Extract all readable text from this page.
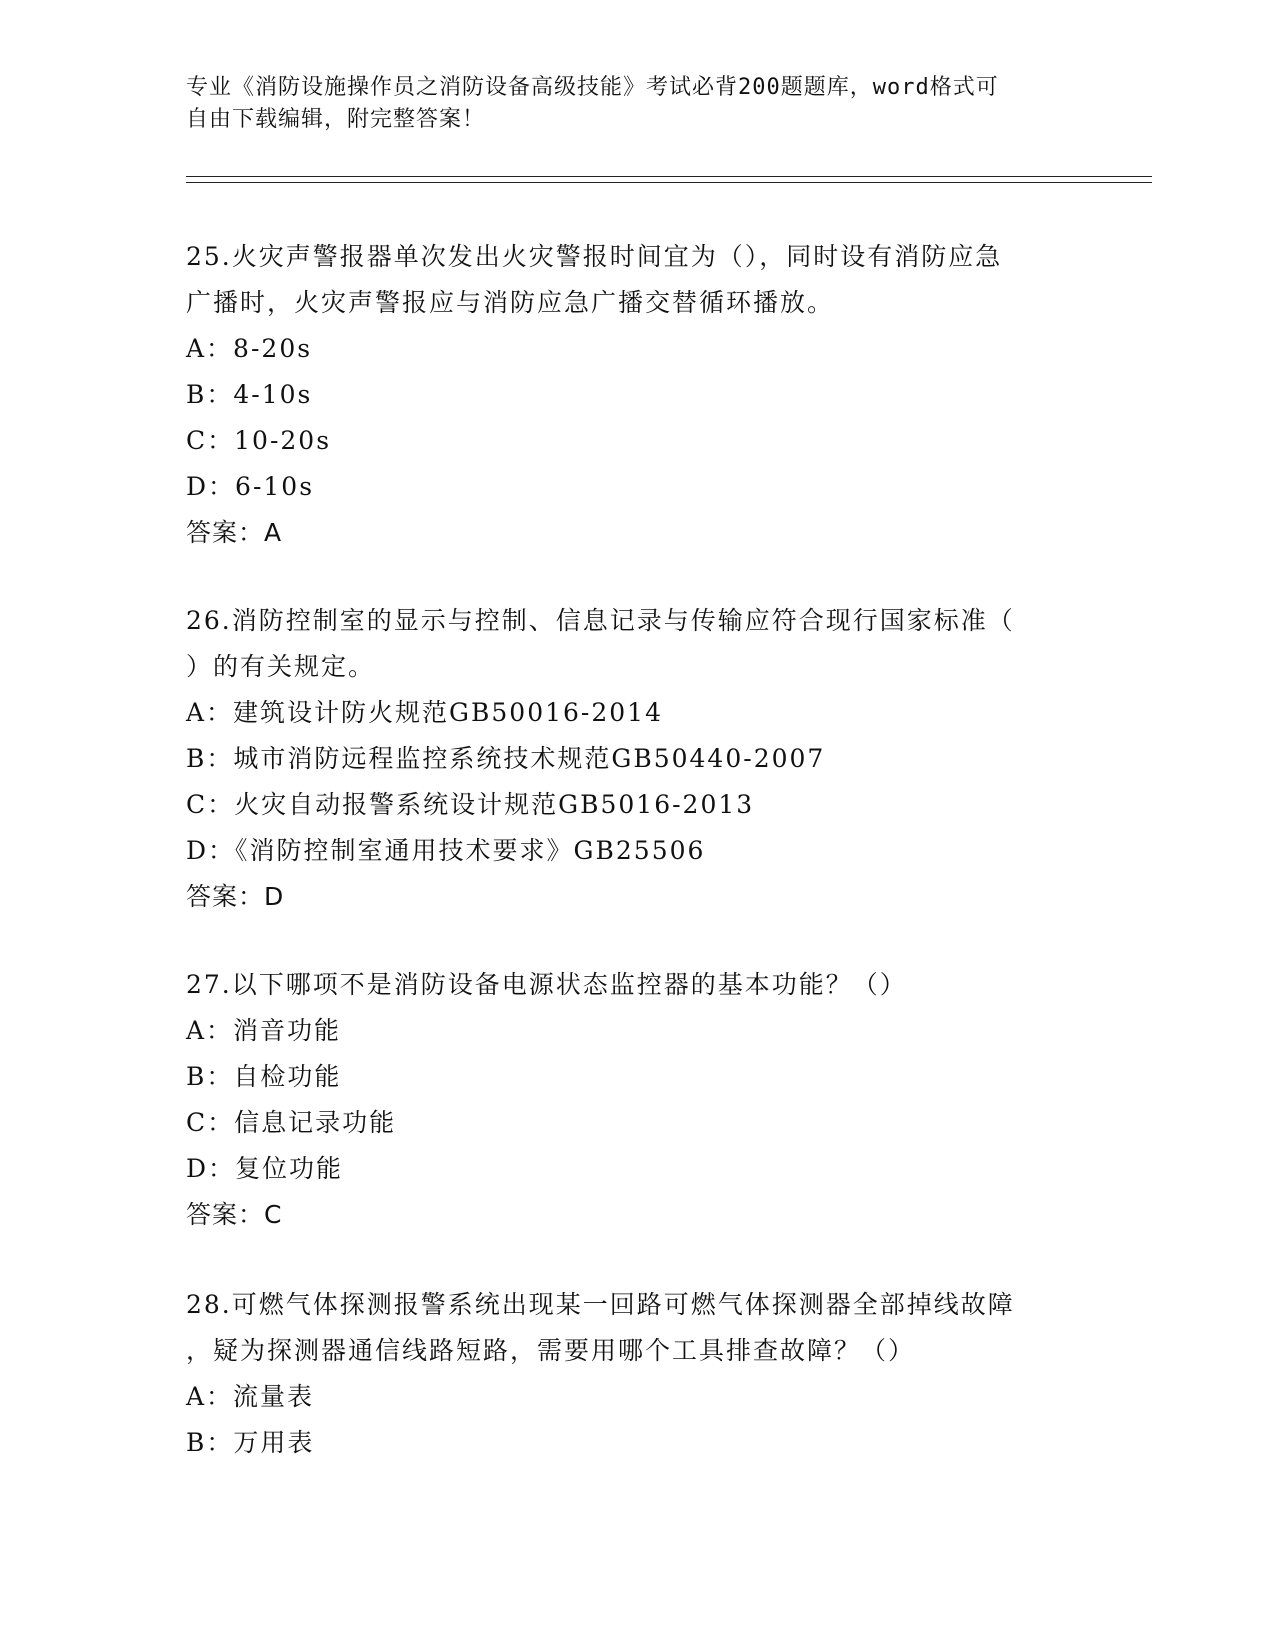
专业《消防设施操作员之消防设备高级技能》考试必背200题题库，word格式可
自由下载编辑，附完整答案！
25.火灾声警报器单次发出火灾警报时间宜为（），同时设有消防应急
广播时，火灾声警报应与消防应急广播交替循环播放。
A：8-20s
B：4-10s
C：10-20s
D：6-10s
答案：A
26.消防控制室的显示与控制、信息记录与传输应符合现行国家标准（
）的有关规定。
A：建筑设计防火规范GB50016-2014
B：城市消防远程监控系统技术规范GB50440-2007
C：火灾自动报警系统设计规范GB5016-2013
D：《消防控制室通用技术要求》GB25506
答案：D
27.以下哪项不是消防设备电源状态监控器的基本功能？（）
A：消音功能
B：自检功能
C：信息记录功能
D：复位功能
答案：C
28.可燃气体探测报警系统出现某一回路可燃气体探测器全部掉线故障
，疑为探测器通信线路短路，需要用哪个工具排查故障？（）
A：流量表
B：万用表
